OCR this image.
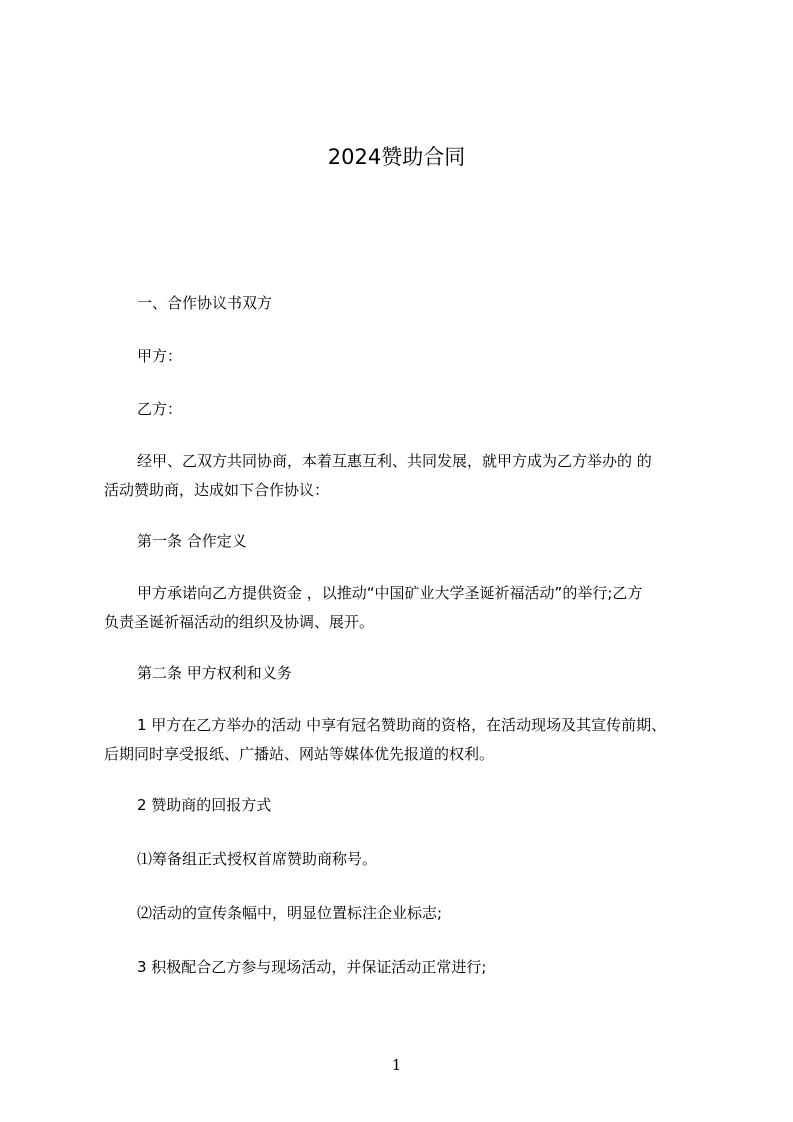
2024赞助合同
一、合作协议书双方
甲方：
乙方：
经甲、乙双方共同协商，本着互惠互利、共同发展，就甲方成为乙方举办的 的
活动赞助商，达成如下合作协议：
第一条 合作定义
甲方承诺向乙方提供资金 ，以推动“中国矿业大学圣诞祈福活动”的举行;乙方
负责圣诞祈福活动的组织及协调、展开。
第二条 甲方权利和义务
1 甲方在乙方举办的活动 中享有冠名赞助商的资格，在活动现场及其宣传前期、
后期同时享受报纸、广播站、网站等媒体优先报道的权利。
2 赞助商的回报方式
⑴筹备组正式授权首席赞助商称号。
⑵活动的宣传条幅中，明显位置标注企业标志;
3 积极配合乙方参与现场活动，并保证活动正常进行;
1
